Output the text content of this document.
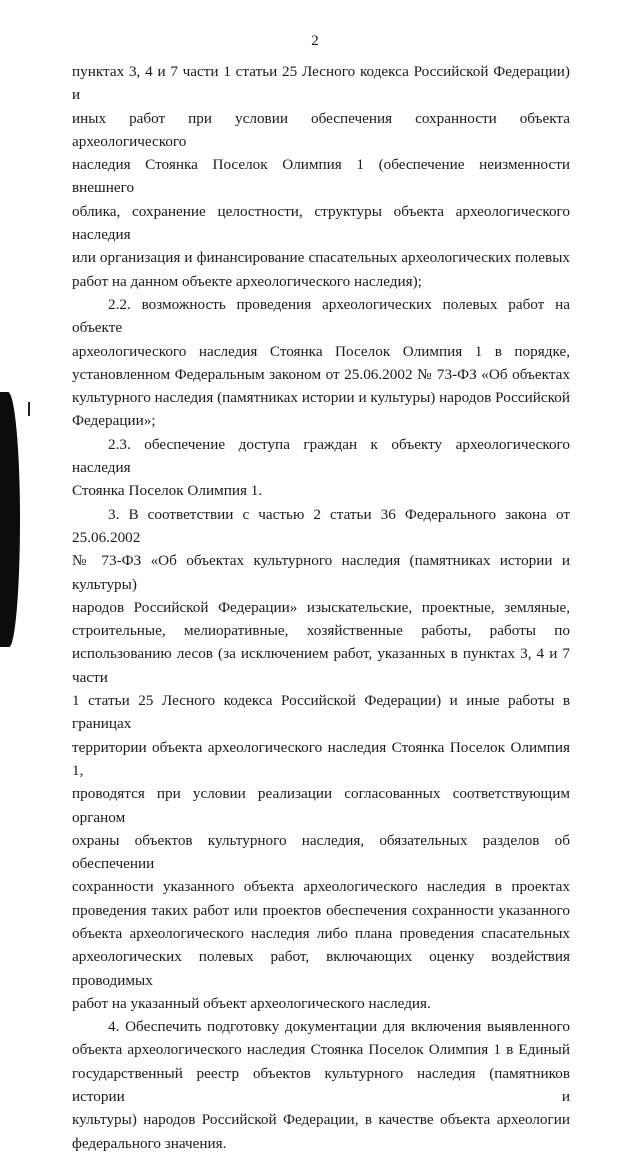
2
пунктах 3, 4 и 7 части 1 статьи 25 Лесного кодекса Российской Федерации) и
иных работ при условии обеспечения сохранности объекта археологического
наследия Стоянка Поселок Олимпия 1 (обеспечение неизменности внешнего
облика, сохранение целостности, структуры объекта археологического наследия
или организация и финансирование спасательных археологических полевых
работ на данном объекте археологического наследия);
2.2. возможность проведения археологических полевых работ на объекте
археологического наследия Стоянка Поселок Олимпия 1 в порядке,
установленном Федеральным законом от 25.06.2002 № 73-ФЗ «Об объектах
культурного наследия (памятниках истории и культуры) народов Российской
Федерации»;
2.3. обеспечение доступа граждан к объекту археологического наследия
Стоянка Поселок Олимпия 1.
3. В соответствии с частью 2 статьи 36 Федерального закона от 25.06.2002
№ 73-ФЗ «Об объектах культурного наследия (памятниках истории и культуры)
народов Российской Федерации» изыскательские, проектные, земляные,
строительные, мелиоративные, хозяйственные работы, работы по
использованию лесов (за исключением работ, указанных в пунктах 3, 4 и 7 части
1 статьи 25 Лесного кодекса Российской Федерации) и иные работы в границах
территории объекта археологического наследия Стоянка Поселок Олимпия 1,
проводятся при условии реализации согласованных соответствующим органом
охраны объектов культурного наследия, обязательных разделов об обеспечении
сохранности указанного объекта археологического наследия в проектах
проведения таких работ или проектов обеспечения сохранности указанного
объекта археологического наследия либо плана проведения спасательных
археологических полевых работ, включающих оценку воздействия проводимых
работ на указанный объект археологического наследия.
4. Обеспечить подготовку документации для включения выявленного
объекта археологического наследия Стоянка Поселок Олимпия 1 в Единый
государственный реестр объектов культурного наследия (памятников истории и
культуры) народов Российской Федерации, в качестве объекта археологии
федерального значения.
